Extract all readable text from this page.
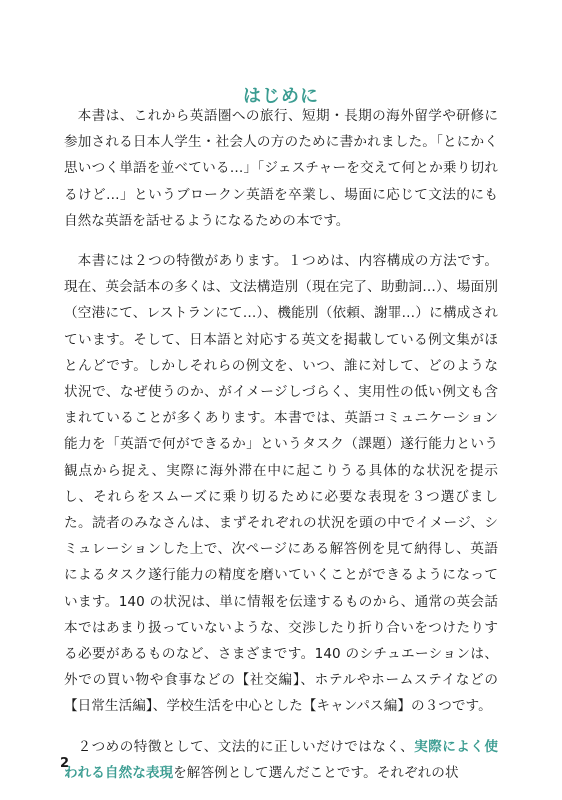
はじめに

本書は、これから英語圏への旅行、短期・長期の海外留学や研修に参加される日本人学生・社会人の方のために書かれました。「とにかく思いつく単語を並べている…」「ジェスチャーを交えて何とか乗り切れるけど…」というブロークン英語を卒業し、場面に応じて文法的にも自然な英語を話せるようになるための本です。

本書には２つの特徴があります。１つめは、内容構成の方法です。現在、英会話本の多くは、文法構造別（現在完了、助動詞…）、場面別（空港にて、レストランにて…）、機能別（依頼、謝罪…）に構成されています。そして、日本語と対応する英文を掲載している例文集がほとんどです。しかしそれらの例文を、いつ、誰に対して、どのような状況で、なぜ使うのか、がイメージしづらく、実用性の低い例文も含まれていることが多くあります。本書では、英語コミュニケーション能力を「英語で何ができるか」というタスク（課題）遂行能力という観点から捉え、実際に海外滞在中に起こりうる具体的な状況を提示し、それらをスムーズに乗り切るために必要な表現を３つ選びました。読者のみなさんは、まずそれぞれの状況を頭の中でイメージ、シミュレーションした上で、次ページにある解答例を見て納得し、英語によるタスク遂行能力の精度を磨いていくことができるようになっています。140 の状況は、単に情報を伝達するものから、通常の英会話本ではあまり扱っていないような、交渉したり折り合いをつけたりする必要があるものなど、さまざまです。140 のシチュエーションは、外での買い物や食事などの【社交編】、ホテルやホームステイなどの【日常生活編】、学校生活を中心とした【キャンパス編】の３つです。

２つめの特徴として、文法的に正しいだけではなく、実際によく使われる自然な表現を解答例として選んだことです。それぞれの状

2
